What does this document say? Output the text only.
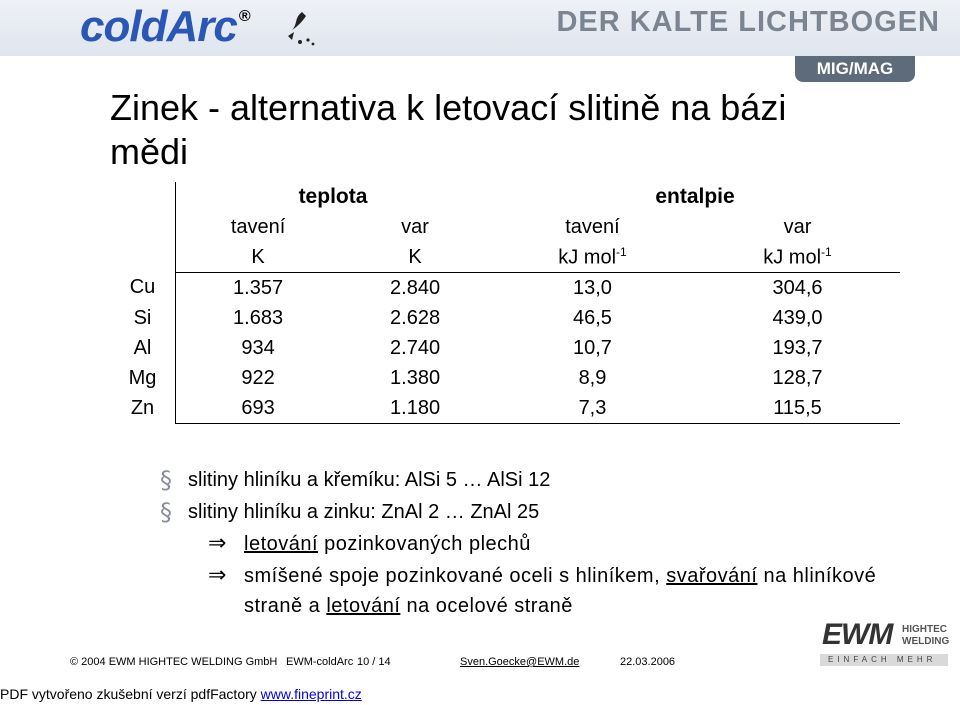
coldArc ®	DER KALTE LICHTBOGEN
MIG/MAG
Zinek - alternativa k letovací slitině na bázi mědi
	teplota		entalpie	
	tavení	var	tavení	var
	K	K	kJ mol$^{-1}$	kJ mol$^{-1}$
Cu	1.357	2.840	13,0	304,6
Si	1.683	2.628	46,5	439,0
Al	934	2.740	10,7	193,7
Mg	922	1.380	8,9	128,7
Zn	693	1.180	7,3	115,5
§ slitiny hliníku a křemíku: AlSi 5 … AlSi 12
§ slitiny hliníku a zinku: ZnAl 2 … ZnAl 25
⇒ letování pozinkovaných plechů
⇒ smíšené spoje pozinkované oceli s hliníkem, svařování na hliníkové straně a letování na ocelové straně
© 2004 EWM HIGHTEC WELDING GmbH EWM-coldArc 10 / 14	Sven.Goecke@EWM.de	22.03.2006
EWM HIGHTEC
WELDING
EINFACH MEHR
PDF vytvořeno zkušební verzí pdfFactory www.fineprint.cz
